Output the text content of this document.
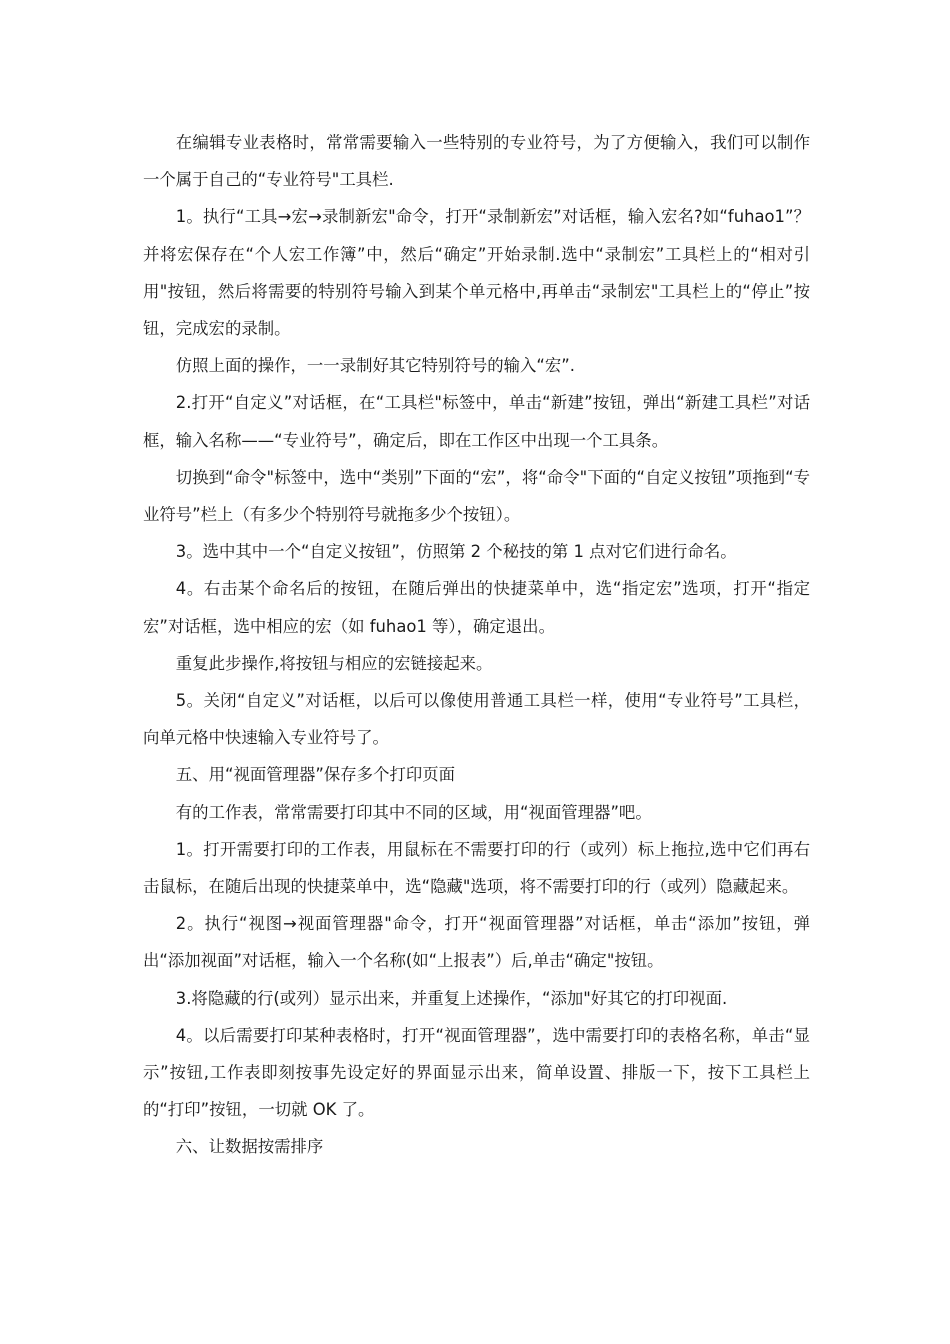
在编辑专业表格时，常常需要输入一些特别的专业符号，为了方便输入，我们可以制作一个属于自己的“专业符号"工具栏.

1。执行“工具→宏→录制新宏"命令，打开“录制新宏”对话框，输入宏名?如“fuhao1”？并将宏保存在“个人宏工作簿”中，然后“确定”开始录制.选中“录制宏”工具栏上的“相对引用"按钮，然后将需要的特别符号输入到某个单元格中,再单击“录制宏"工具栏上的“停止”按钮，完成宏的录制。

仿照上面的操作，一一录制好其它特别符号的输入“宏”.

2.打开“自定义”对话框，在“工具栏"标签中，单击“新建”按钮，弹出“新建工具栏”对话框，输入名称——“专业符号”，确定后，即在工作区中出现一个工具条。

切换到“命令"标签中，选中“类别”下面的“宏”，将“命令"下面的“自定义按钮”项拖到“专业符号”栏上（有多少个特别符号就拖多少个按钮）。

3。选中其中一个“自定义按钮”，仿照第 2 个秘技的第 1 点对它们进行命名。

4。右击某个命名后的按钮，在随后弹出的快捷菜单中，选“指定宏”选项，打开“指定宏”对话框，选中相应的宏（如 fuhao1 等），确定退出。

重复此步操作,将按钮与相应的宏链接起来。

5。关闭“自定义”对话框，以后可以像使用普通工具栏一样，使用“专业符号”工具栏，向单元格中快速输入专业符号了。

五、用“视面管理器”保存多个打印页面

有的工作表，常常需要打印其中不同的区域，用“视面管理器”吧。

1。打开需要打印的工作表，用鼠标在不需要打印的行（或列）标上拖拉,选中它们再右击鼠标，在随后出现的快捷菜单中，选“隐藏"选项，将不需要打印的行（或列）隐藏起来。

2。执行“视图→视面管理器"命令，打开“视面管理器”对话框，单击“添加”按钮，弹出“添加视面”对话框，输入一个名称(如“上报表”）后,单击“确定"按钮。

3.将隐藏的行(或列）显示出来，并重复上述操作，“添加"好其它的打印视面.

4。以后需要打印某种表格时，打开“视面管理器”，选中需要打印的表格名称，单击“显示”按钮,工作表即刻按事先设定好的界面显示出来，简单设置、排版一下，按下工具栏上的“打印”按钮，一切就 OK 了。

六、让数据按需排序
